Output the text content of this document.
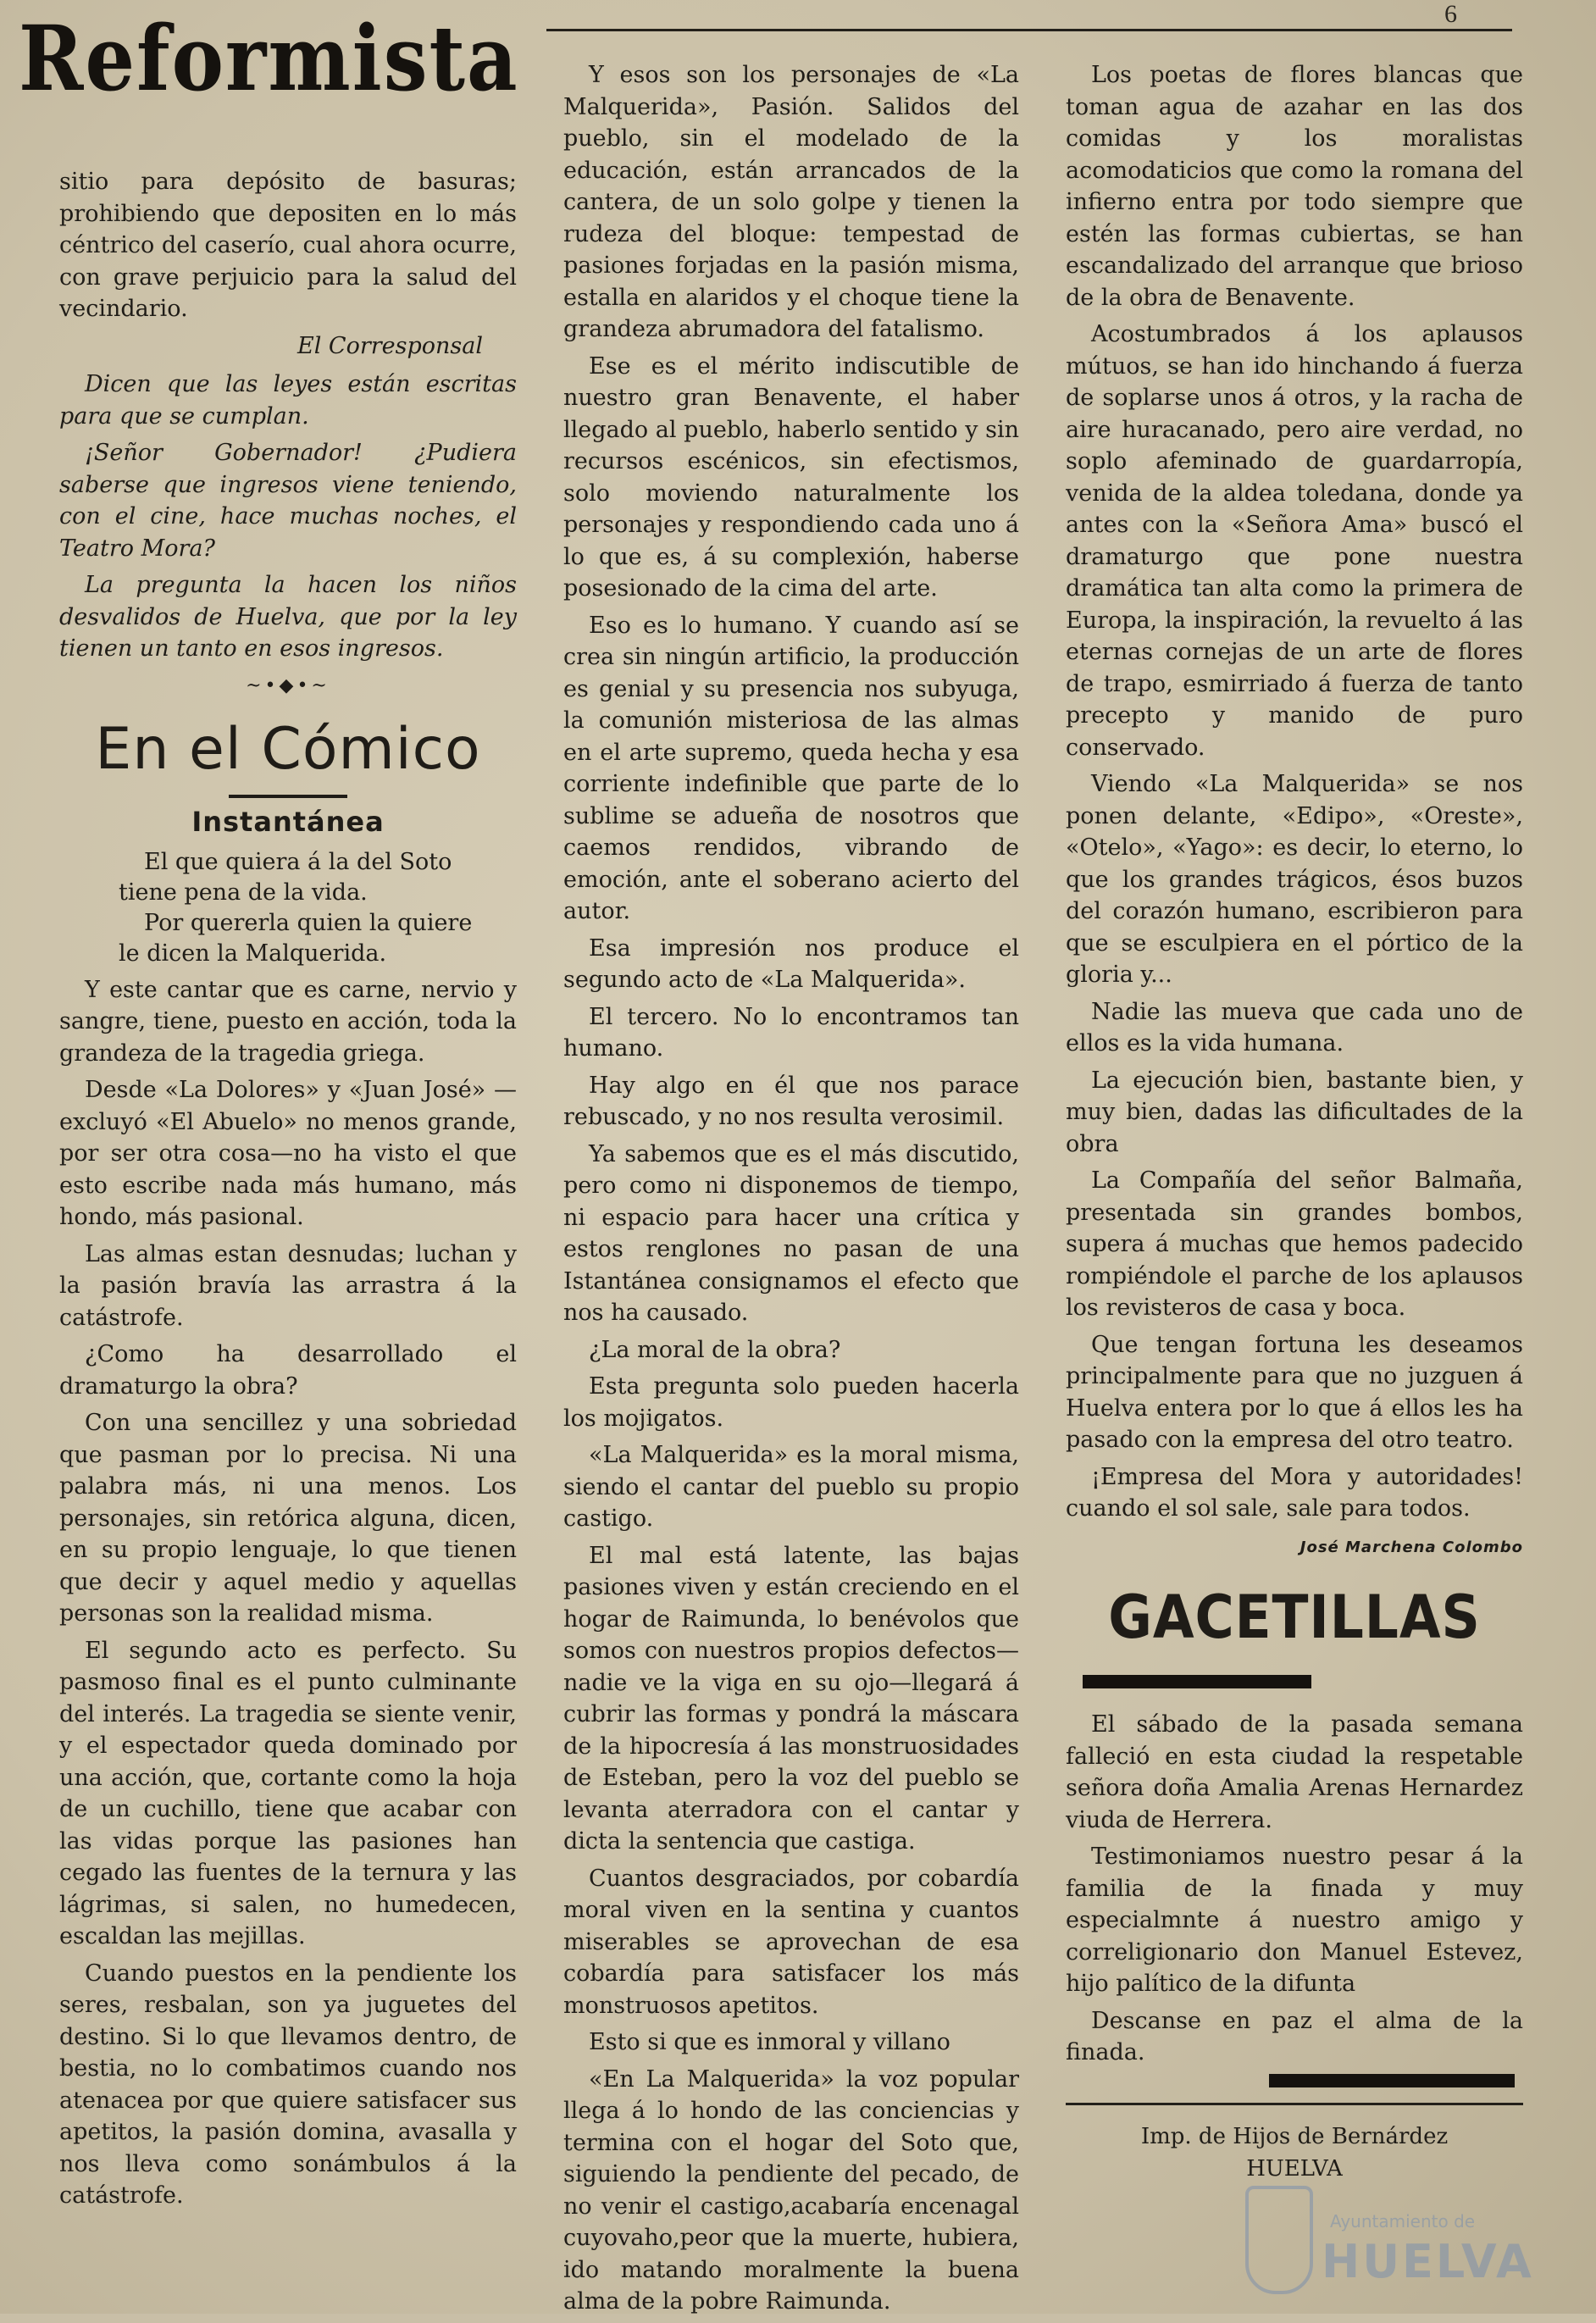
Reformista	6

sitio para depósito de basuras; prohibiendo que depositen en lo más céntrico del caserío, cual ahora ocurre, con grave perjuicio para la salud del vecindario.

El Corresponsal

Dicen que las leyes están escritas para que se cumplan.

¡Señor Gobernador! ¿Pudiera saberse que ingresos viene teniendo, con el cine, hace muchas noches, el Teatro Mora?

La pregunta la hacen los niños desvalidos de Huelva, que por la ley tienen un tanto en esos ingresos.

~•◆•~
En el Cómico
Instantánea
El que quiera á la del Soto
tiene pena de la vida.
Por quererla quien la quiere
le dicen la Malquerida.

Y este cantar que es carne, nervio y sangre, tiene, puesto en acción, toda la grandeza de la tragedia griega.

Desde «La Dolores» y «Juan José» —excluyó «El Abuelo» no menos grande, por ser otra cosa—no ha visto el que esto escribe nada más humano, más hondo, más pasional.

Las almas estan desnudas; luchan y la pasión bravía las arrastra á la catástrofe.

¿Como ha desarrollado el dramaturgo la obra?

Con una sencillez y una sobriedad que pasman por lo precisa. Ni una palabra más, ni una menos. Los personajes, sin retórica alguna, dicen, en su propio lenguaje, lo que tienen que decir y aquel medio y aquellas personas son la realidad misma.

El segundo acto es perfecto. Su pasmoso final es el punto culminante del interés. La tragedia se siente venir, y el espectador queda dominado por una acción, que, cortante como la hoja de un cuchillo, tiene que acabar con las vidas porque las pasiones han cegado las fuentes de la ternura y las lágrimas, si salen, no humedecen, escaldan las mejillas.

Cuando puestos en la pendiente los seres, resbalan, son ya juguetes del destino. Si lo que llevamos dentro, de bestia, no lo combatimos cuando nos atenacea por que quiere satisfacer sus apetitos, la pasión domina, avasalla y nos lleva como sonámbulos á la catástrofe.

Y esos son los personajes de «La Malquerida», Pasión. Salidos del pueblo, sin el modelado de la educación, están arrancados de la cantera, de un solo golpe y tienen la rudeza del bloque: tempestad de pasiones forjadas en la pasión misma, estalla en alaridos y el choque tiene la grandeza abrumadora del fatalismo.

Ese es el mérito indiscutible de nuestro gran Benavente, el haber llegado al pueblo, haberlo sentido y sin recursos escénicos, sin efectismos, solo moviendo naturalmente los personajes y respondiendo cada uno á lo que es, á su complexión, haberse posesionado de la cima del arte.

Eso es lo humano. Y cuando así se crea sin ningún artificio, la producción es genial y su presencia nos subyuga, la comunión misteriosa de las almas en el arte supremo, queda hecha y esa corriente indefinible que parte de lo sublime se adueña de nosotros que caemos rendidos, vibrando de emoción, ante el soberano acierto del autor.

Esa impresión nos produce el segundo acto de «La Malquerida».

El tercero. No lo encontramos tan humano.

Hay algo en él que nos parace rebuscado, y no nos resulta verosimil.

Ya sabemos que es el más discutido, pero como ni disponemos de tiempo, ni espacio para hacer una crítica y estos renglones no pasan de una Istantánea consignamos el efecto que nos ha causado.

¿La moral de la obra?

Esta pregunta solo pueden hacerla los mojigatos.

«La Malquerida» es la moral misma, siendo el cantar del pueblo su propio castigo.

El mal está latente, las bajas pasiones viven y están creciendo en el hogar de Raimunda, lo benévolos que somos con nuestros propios defectos—nadie ve la viga en su ojo—llegará á cubrir las formas y pondrá la máscara de la hipocresía á las monstruosidades de Esteban, pero la voz del pueblo se levanta aterradora con el cantar y dicta la sentencia que castiga.

Cuantos desgraciados, por cobardía moral viven en la sentina y cuantos miserables se aprovechan de esa cobardía para satisfacer los más monstruosos apetitos.

Esto si que es inmoral y villano

«En La Malquerida» la voz popular llega á lo hondo de las conciencias y termina con el hogar del Soto que, siguiendo la pendiente del pecado, de no venir el castigo,acabaría encenagal cuyovaho,peor que la muerte, hubiera, ido matando moralmente la buena alma de la pobre Raimunda.

Los poetas de flores blancas que toman agua de azahar en las dos comidas y los moralistas acomodaticios que como la romana del infierno entra por todo siempre que estén las formas cubiertas, se han escandalizado del arranque que brioso de la obra de Benavente.

Acostumbrados á los aplausos mútuos, se han ido hinchando á fuerza de soplarse unos á otros, y la racha de aire huracanado, pero aire verdad, no soplo afeminado de guardarropía, venida de la aldea toledana, donde ya antes con la «Señora Ama» buscó el dramaturgo que pone nuestra dramática tan alta como la primera de Europa, la inspiración, la revuelto á las eternas cornejas de un arte de flores de trapo, esmirriado á fuerza de tanto precepto y manido de puro conservado.

Viendo «La Malquerida» se nos ponen delante, «Edipo», «Oreste», «Otelo», «Yago»: es decir, lo eterno, lo que los grandes trágicos, ésos buzos del corazón humano, escribieron para que se esculpiera en el pórtico de la gloria y...

Nadie las mueva que cada uno de ellos es la vida humana.

La ejecución bien, bastante bien, y muy bien, dadas las dificultades de la obra

La Compañía del señor Balmaña, presentada sin grandes bombos, supera á muchas que hemos padecido rompiéndole el parche de los aplausos los revisteros de casa y boca.

Que tengan fortuna les deseamos principalmente para que no juzguen á Huelva entera por lo que á ellos les ha pasado con la empresa del otro teatro.

¡Empresa del Mora y autoridades! cuando el sol sale, sale para todos.

José Marchena Colombo
GACETILLAS

El sábado de la pasada semana falleció en esta ciudad la respetable señora doña Amalia Arenas Hernardez viuda de Herrera.

Testimoniamos nuestro pesar á la familia de la finada y muy especialmnte á nuestro amigo y correligionario don Manuel Estevez, hijo palítico de la difunta

Descanse en paz el alma de la finada.

Imp. de Hijos de Bernárdez
HUELVA
Ayuntamiento de
HUELVA
